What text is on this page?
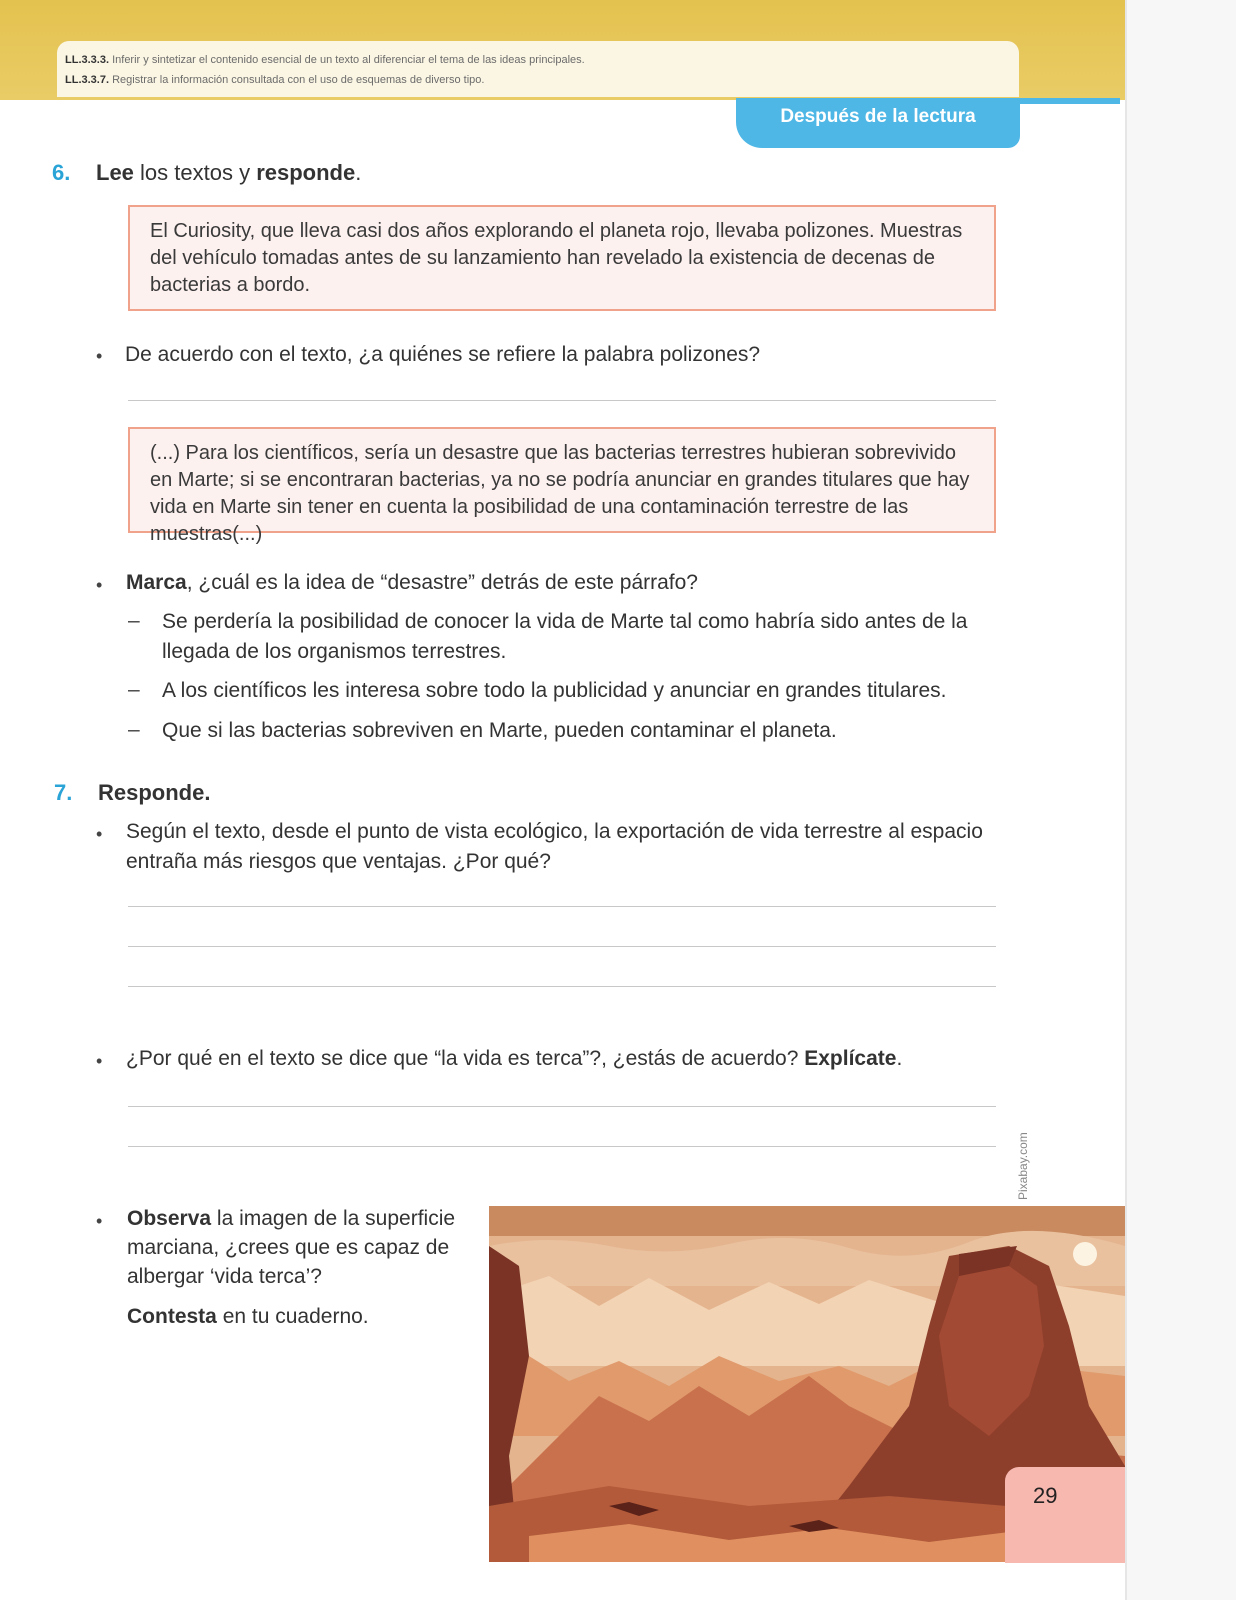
LL.3.3.3. Inferir y sintetizar el contenido esencial de un texto al diferenciar el tema de las ideas principales.
LL.3.3.7. Registrar la información consultada con el uso de esquemas de diverso tipo.
Después de la lectura
6. Lee los textos y responde.
El Curiosity, que lleva casi dos años explorando el planeta rojo, llevaba polizones. Muestras del vehículo tomadas antes de su lanzamiento han revelado la existencia de decenas de bacterias a bordo.
• De acuerdo con el texto, ¿a quiénes se refiere la palabra polizones?
(...) Para los científicos, sería un desastre que las bacterias terrestres hubieran sobrevivido en Marte; si se encontraran bacterias, ya no se podría anunciar en grandes titulares que hay vida en Marte sin tener en cuenta la posibilidad de una contaminación terrestre de las muestras(...)
• Marca, ¿cuál es la idea de “desastre” detrás de este párrafo?
– Se perdería la posibilidad de conocer la vida de Marte tal como habría sido antes de la llegada de los organismos terrestres.
– A los científicos les interesa sobre todo la publicidad y anunciar en grandes titulares.
– Que si las bacterias sobreviven en Marte, pueden contaminar el planeta.
7. Responde.
• Según el texto, desde el punto de vista ecológico, la exportación de vida terrestre al espacio entraña más riesgos que ventajas. ¿Por qué?
• ¿Por qué en el texto se dice que “la vida es terca”?, ¿estás de acuerdo? Explícate.
• Observa la imagen de la superficie marciana, ¿crees que es capaz de albergar ‘vida terca’?
Contesta en tu cuaderno.
Pixabay.com
29
